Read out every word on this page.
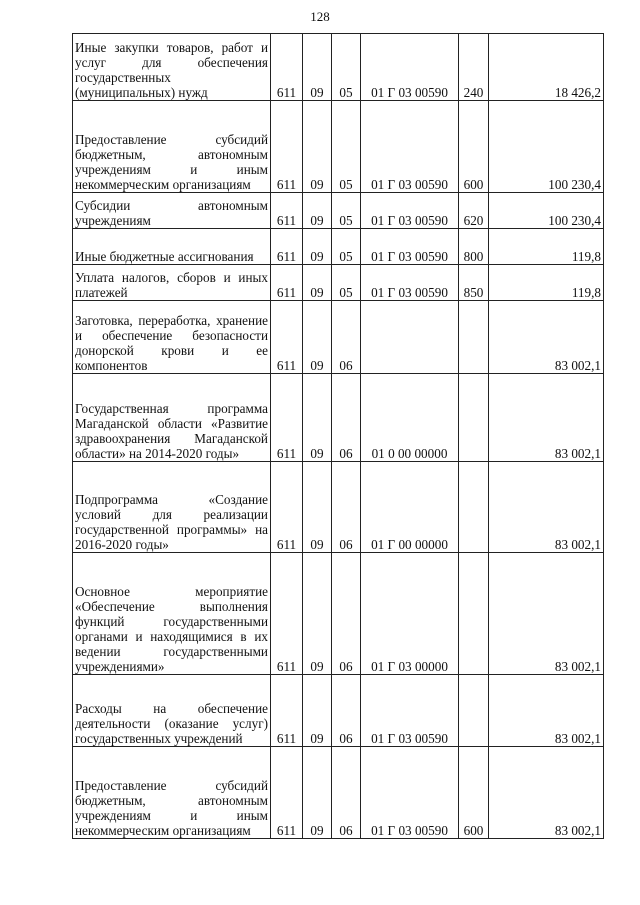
128
Иные закупки товаров, работ и услуг для обеспечения государственных (муниципальных) нужд	611	09	05	01 Г 03 00590	240	18 426,2
Предоставление субсидий бюджетным, автономным учреждениям и иным некоммерческим организациям	611	09	05	01 Г 03 00590	600	100 230,4
Субсидии автономным учреждениям	611	09	05	01 Г 03 00590	620	100 230,4
Иные бюджетные ассигнования	611	09	05	01 Г 03 00590	800	119,8
Уплата налогов, сборов и иных платежей	611	09	05	01 Г 03 00590	850	119,8
Заготовка, переработка, хранение и обеспечение безопасности донорской крови и ее компонентов	611	09	06			83 002,1
Государственная программа Магаданской области «Развитие здравоохранения Магаданской области» на 2014-2020 годы»	611	09	06	01 0 00 00000		83 002,1
Подпрограмма «Создание условий для реализации государственной программы» на 2016-2020 годы»	611	09	06	01 Г 00 00000		83 002,1
Основное мероприятие «Обеспечение выполнения функций государственными органами и находящимися в их ведении государственными учреждениями»	611	09	06	01 Г 03 00000		83 002,1
Расходы на обеспечение деятельности (оказание услуг) государственных учреждений	611	09	06	01 Г 03 00590		83 002,1
Предоставление субсидий бюджетным, автономным учреждениям и иным некоммерческим организациям	611	09	06	01 Г 03 00590	600	83 002,1
